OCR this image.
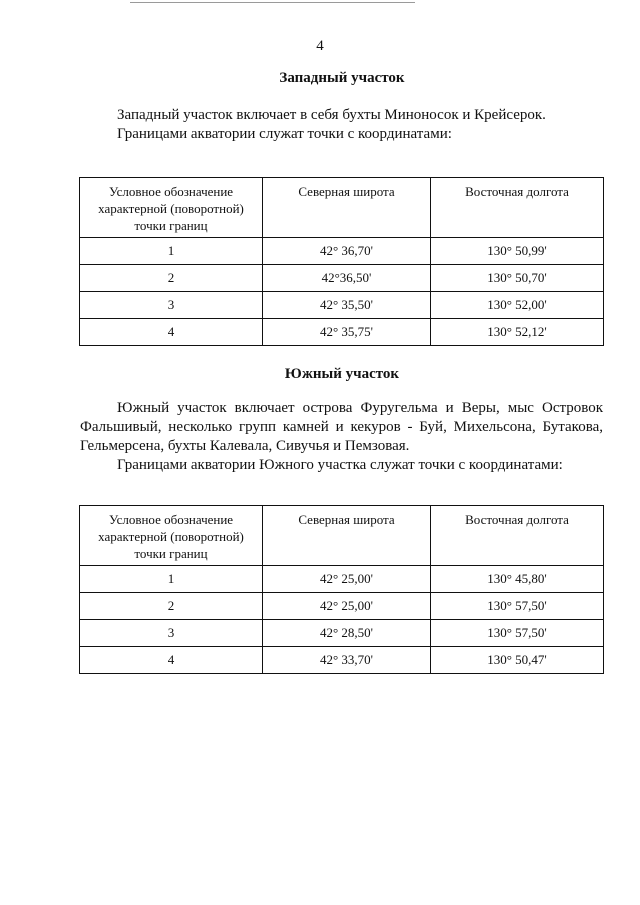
4
Западный участок
Западный участок включает в себя бухты Миноносок и Крейсерок.
Границами акватории служат точки с координатами:
Условное обозначение характерной (поворотной) точки границ	Северная широта	Восточная долгота
1	42° 36,70'	130° 50,99'
2	42°36,50'	130° 50,70'
3	42° 35,50'	130° 52,00'
4	42° 35,75'	130° 52,12'
Южный участок
Южный участок включает острова Фуругельма и Веры, мыс Островок
Фальшивый, несколько групп камней и кекуров - Буй, Михельсона, Бутакова,
Гельмерсена, бухты Калевала, Сивучья и Пемзовая.
Границами акватории Южного участка служат точки с координатами:
Условное обозначение характерной (поворотной) точки границ	Северная широта	Восточная долгота
1	42° 25,00'	130° 45,80'
2	42° 25,00'	130° 57,50'
3	42° 28,50'	130° 57,50'
4	42° 33,70'	130° 50,47'
